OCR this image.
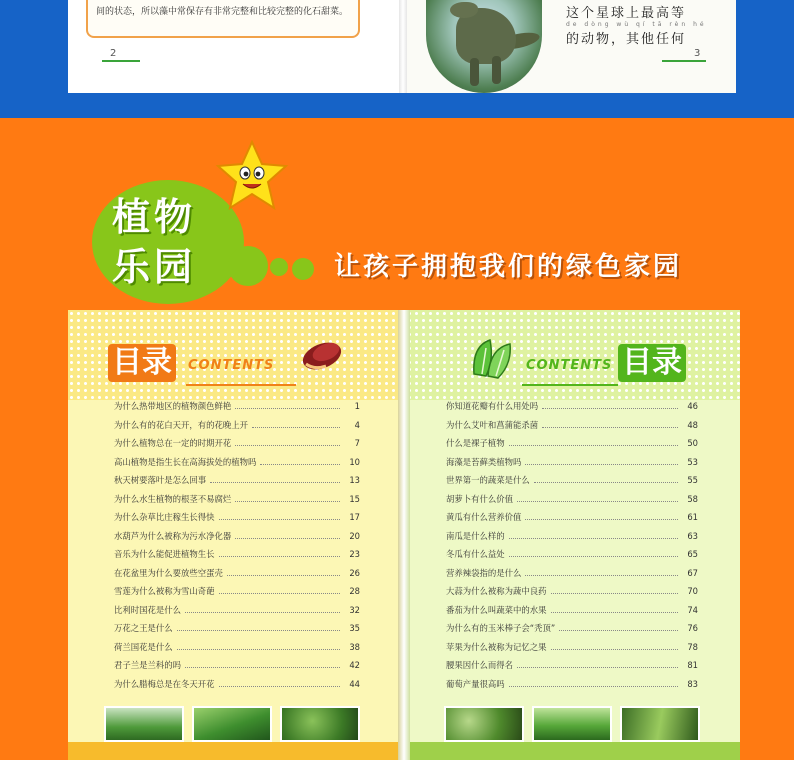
间的状态，所以藻中常保存有非常完整和比较完整的化石甜菜。
2
这个星球上最高等
de dòng wù qí tā rèn hé
的动物，其他任何
3
植物
乐园	让孩子拥抱我们的绿色家园
目录	CONTENTS
为什么热带地区的植物颜色鲜艳	1
为什么有的花白天开，有的花晚上开	4
为什么植物总在一定的时期开花	7
高山植物是指生长在高海拔处的植物吗	10
秋天树要落叶是怎么回事	13
为什么水生植物的根茎不易腐烂	15
为什么杂草比庄稼生长得快	17
水葫芦为什么被称为污水净化器	20
音乐为什么能促进植物生长	23
在花盆里为什么要放些空蛋壳	26
雪莲为什么被称为雪山奇葩	28
比利时国花是什么	32
万花之王是什么	35
荷兰国花是什么	38
君子兰是兰科的吗	42
为什么腊梅总是在冬天开花	44
CONTENTS 目录
你知道花瓣有什么用处吗	46
为什么艾叶和菖蒲能杀菌	48
什么是裸子植物	50
海藻是苔藓类植物吗	53
世界第一的蔬菜是什么	55
胡萝卜有什么价值	58
黄瓜有什么营养价值	61
南瓜是什么样的	63
冬瓜有什么益处	65
营养辣袋指的是什么	67
大蒜为什么被称为蔬中良药	70
番茄为什么叫蔬菜中的水果	74
为什么有的玉米棒子会“秃顶”	76
苹果为什么被称为记忆之果	78
腰果因什么而得名	81
葡萄产量很高吗	83
